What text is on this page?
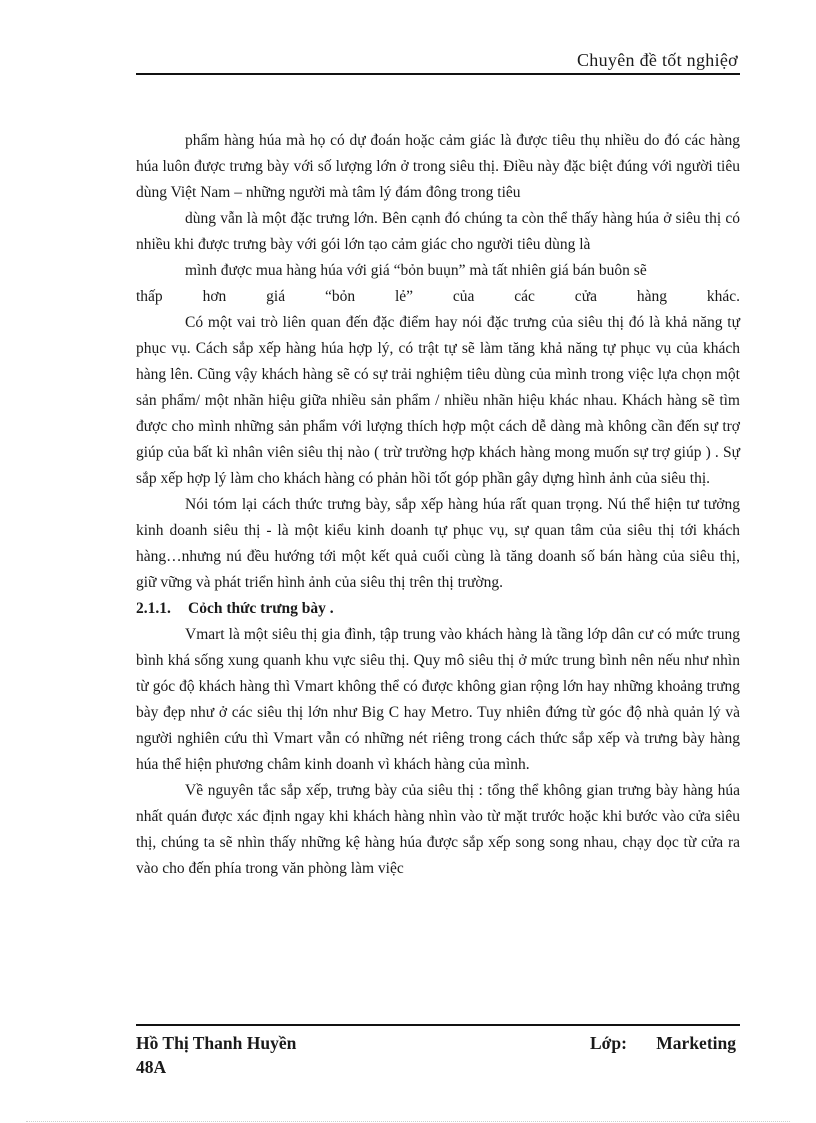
Chuyên đề tốt nghiệơ

phẩm hàng húa mà họ có dự đoán hoặc cảm giác là được tiêu thụ nhiều do đó các hàng húa luôn được trưng bày với số lượng lớn ở trong siêu thị. Điều này đặc biệt đúng với người tiêu dùng Việt Nam – những người mà tâm lý đám đông trong tiêu

dùng vẫn là một đặc trưng lớn. Bên cạnh đó chúng ta còn thể thấy hàng húa ở siêu thị có nhiều khi được trưng bày với gói lớn tạo cảm giác cho người tiêu dùng là

mình được mua hàng húa với giá “bỏn buụn” mà tất nhiên giá bán buôn sẽ

thấp hơn giá “bỏn lẻ” của các cửa hàng khác.

Có một vai trò liên quan đến đặc điểm hay nói đặc trưng của siêu thị đó là khả năng tự phục vụ. Cách sắp xếp hàng húa hợp lý, có trật tự sẽ làm tăng khả năng tự phục vụ của khách hàng lên. Cũng vậy khách hàng sẽ có sự trải nghiệm tiêu dùng của mình trong việc lựa chọn một sản phẩm/ một nhãn hiệu giữa nhiều sản phẩm / nhiều nhãn hiệu khác nhau. Khách hàng sẽ tìm được cho mình những sản phẩm với lượng thích hợp một cách dễ dàng mà không cần đến sự trợ giúp của bất kì nhân viên siêu thị nào ( trừ trường hợp khách hàng mong muốn sự trợ giúp ) . Sự sắp xếp hợp lý làm cho khách hàng có phản hồi tốt góp phần gây dựng hình ảnh của siêu thị.

Nói tóm lại cách thức trưng bày, sắp xếp hàng húa rất quan trọng. Nú thể hiện tư tưởng kinh doanh siêu thị - là một kiểu kinh doanh tự phục vụ, sự quan tâm của siêu thị tới khách hàng…nhưng nú đều hướng tới một kết quả cuối cùng là tăng doanh số bán hàng của siêu thị, giữ vững và phát triển hình ảnh của siêu thị trên thị trường.

2.1.1. Cỏch thức trưng bày .

Vmart là một siêu thị gia đình, tập trung vào khách hàng là tầng lớp dân cư có mức trung bình khá sống xung quanh khu vực siêu thị. Quy mô siêu thị ở mức trung bình nên nếu như nhìn từ góc độ khách hàng thì Vmart không thể có được không gian rộng lớn hay những khoảng trưng bày đẹp như ở các siêu thị lớn như Big C hay Metro. Tuy nhiên đứng từ góc độ nhà quản lý và người nghiên cứu thì Vmart vẫn có những nét riêng trong cách thức sắp xếp và trưng bày hàng húa thể hiện phương châm kinh doanh vì khách hàng của mình.

Về nguyên tắc sắp xếp, trưng bày của siêu thị : tổng thể không gian trưng bày hàng húa nhất quán được xác định ngay khi khách hàng nhìn vào từ mặt trước hoặc khi bước vào cửa siêu thị, chúng ta sẽ nhìn thấy những kệ hàng húa được sắp xếp song song nhau, chạy dọc từ cửa ra vào cho đến phía trong văn phòng làm việc

Hồ Thị Thanh Huyền
48A
Lớp: Marketing
